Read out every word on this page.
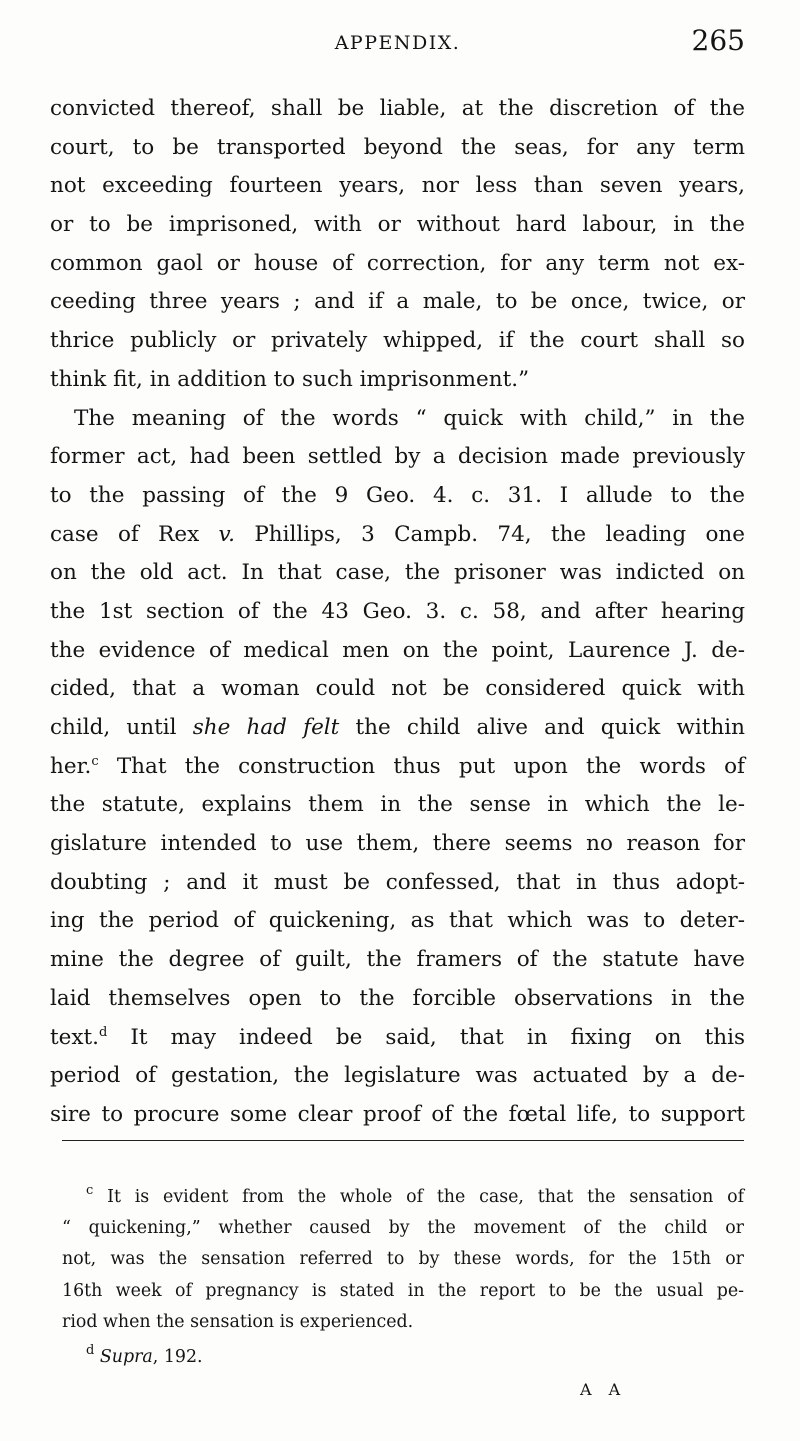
APPENDIX.	265
convicted thereof, shall be liable, at the discretion of the
court, to be transported beyond the seas, for any term
not exceeding fourteen years, nor less than seven years,
or to be imprisoned, with or without hard labour, in the
common gaol or house of correction, for any term not ex-
ceeding three years ; and if a male, to be once, twice, or
thrice publicly or privately whipped, if the court shall so
think fit, in addition to such imprisonment.”
The meaning of the words “ quick with child,” in the
former act, had been settled by a decision made previously
to the passing of the 9 Geo. 4. c. 31. I allude to the
case of Rex v. Phillips, 3 Campb. 74, the leading one
on the old act. In that case, the prisoner was indicted on
the 1st section of the 43 Geo. 3. c. 58, and after hearing
the evidence of medical men on the point, Laurence J. de-
cided, that a woman could not be considered quick with
child, until she had felt the child alive and quick within
her.$^c$ That the construction thus put upon the words of
the statute, explains them in the sense in which the le-
gislature intended to use them, there seems no reason for
doubting ; and it must be confessed, that in thus adopt-
ing the period of quickening, as that which was to deter-
mine the degree of guilt, the framers of the statute have
laid themselves open to the forcible observations in the
text.$^d$ It may indeed be said, that in fixing on this
period of gestation, the legislature was actuated by a de-
sire to procure some clear proof of the fœtal life, to support
$^c$ It is evident from the whole of the case, that the sensation of
“ quickening,” whether caused by the movement of the child or
not, was the sensation referred to by these words, for the 15th or
16th week of pregnancy is stated in the report to be the usual pe-
riod when the sensation is experienced.
$^d$ Supra, 192.
A A
